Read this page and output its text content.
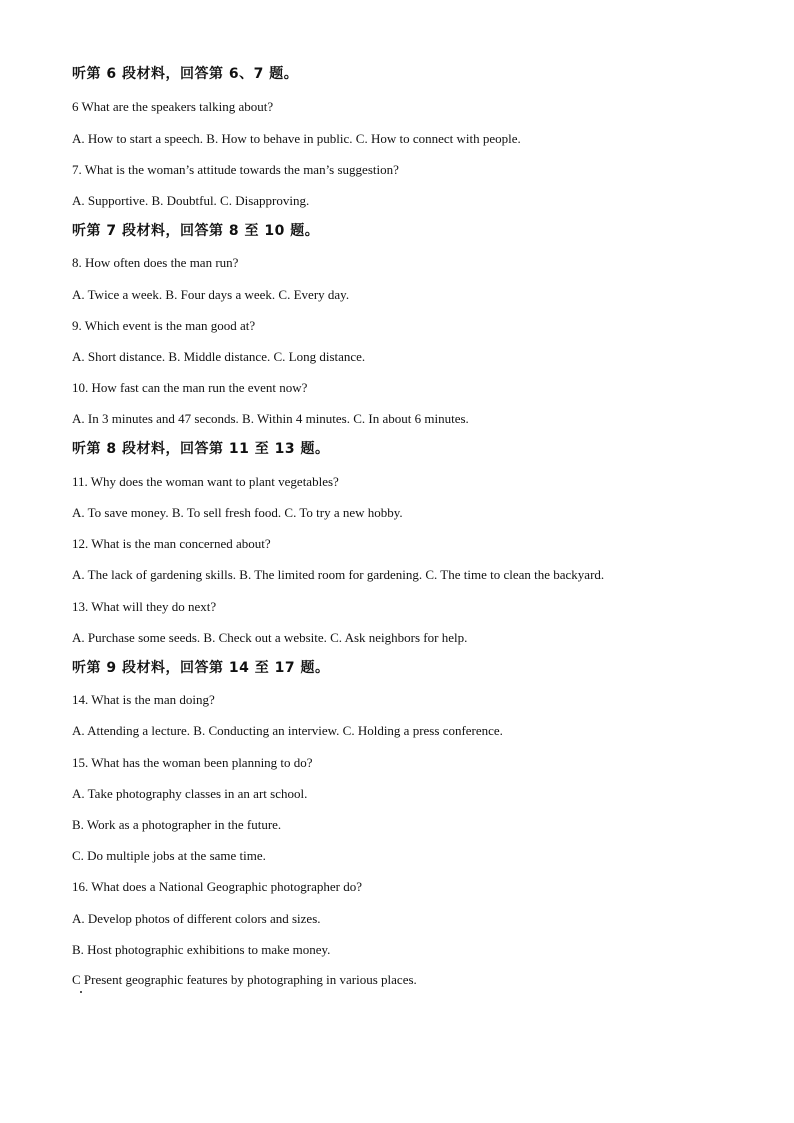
听第 6 段材料，回答第 6、7 题。
6 What are the speakers talking about?
A. How to start a speech. B. How to behave in public. C. How to connect with people.
7. What is the woman’s attitude towards the man’s suggestion?
A. Supportive. B. Doubtful. C. Disapproving.
听第 7 段材料，回答第 8 至 10 题。
8. How often does the man run?
A. Twice a week. B. Four days a week. C. Every day.
9. Which event is the man good at?
A. Short distance. B. Middle distance. C. Long distance.
10. How fast can the man run the event now?
A. In 3 minutes and 47 seconds. B. Within 4 minutes. C. In about 6 minutes.
听第 8 段材料，回答第 11 至 13 题。
11. Why does the woman want to plant vegetables?
A. To save money. B. To sell fresh food. C. To try a new hobby.
12. What is the man concerned about?
A. The lack of gardening skills. B. The limited room for gardening. C. The time to clean the backyard.
13. What will they do next?
A. Purchase some seeds. B. Check out a website. C. Ask neighbors for help.
听第 9 段材料，回答第 14 至 17 题。
14. What is the man doing?
A. Attending a lecture. B. Conducting an interview. C. Holding a press conference.
15. What has the woman been planning to do?
A. Take photography classes in an art school.
B. Work as a photographer in the future.
C. Do multiple jobs at the same time.
16. What does a National Geographic photographer do?
A. Develop photos of different colors and sizes.
B. Host photographic exhibitions to make money.
C Present geographic features by photographing in various places.
